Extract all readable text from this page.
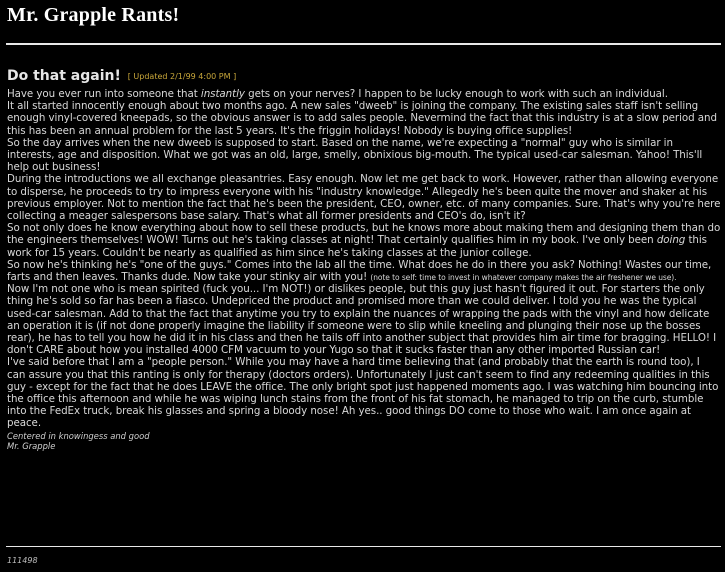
Mr. Grapple Rants!
Do that again! [ Updated 2/1/99 4:00 PM ]

Have you ever run into someone that instantly gets on your nerves? I happen to be lucky enough to work with such an individual.

It all started innocently enough about two months ago. A new sales "dweeb" is joining the company. The existing sales staff isn't selling enough vinyl-covered kneepads, so the obvious answer is to add sales people. Nevermind the fact that this industry is at a slow period and this has been an annual problem for the last 5 years. It's the friggin holidays! Nobody is buying office supplies!

So the day arrives when the new dweeb is supposed to start. Based on the name, we're expecting a "normal" guy who is similar in interests, age and disposition. What we got was an old, large, smelly, obnixious big-mouth. The typical used-car salesman. Yahoo! This'll help out business!

During the introductions we all exchange pleasantries. Easy enough. Now let me get back to work. However, rather than allowing everyone to disperse, he proceeds to try to impress everyone with his "industry knowledge." Allegedly he's been quite the mover and shaker at his previous employer. Not to mention the fact that he's been the president, CEO, owner, etc. of many companies. Sure. That's why you're here collecting a meager salespersons base salary. That's what all former presidents and CEO's do, isn't it?

So not only does he know everything about how to sell these products, but he knows more about making them and designing them than do the engineers themselves! WOW! Turns out he's taking classes at night! That certainly qualifies him in my book. I've only been doing this work for 15 years. Couldn't be nearly as qualified as him since he's taking classes at the junior college.

So now he's thinking he's "one of the guys." Comes into the lab all the time. What does he do in there you ask? Nothing! Wastes our time, farts and then leaves. Thanks dude. Now take your stinky air with you! (note to self: time to invest in whatever company makes the air freshener we use).

Now I'm not one who is mean spirited (fuck you... I'm NOT!) or dislikes people, but this guy just hasn't figured it out. For starters the only thing he's sold so far has been a fiasco. Undepriced the product and promised more than we could deliver. I told you he was the typical used-car salesman. Add to that the fact that anytime you try to explain the nuances of wrapping the pads with the vinyl and how delicate an operation it is (if not done properly imagine the liability if someone were to slip while kneeling and plunging their nose up the bosses rear), he has to tell you how he did it in his class and then he tails off into another subject that provides him air time for bragging. HELLO! I don't CARE about how you installed 4000 CFM vacuum to your Yugo so that it sucks faster than any other imported Russian car!

I've said before that I am a "people person." While you may have a hard time believing that (and probably that the earth is round too), I can assure you that this ranting is only for therapy (doctors orders). Unfortunately I just can't seem to find any redeeming qualities in this guy - except for the fact that he does LEAVE the office. The only bright spot just happened moments ago. I was watching him bouncing into the office this afternoon and while he was wiping lunch stains from the front of his fat stomach, he managed to trip on the curb, stumble into the FedEx truck, break his glasses and spring a bloody nose! Ah yes.. good things DO come to those who wait. I am once again at peace.

Centered in knowingess and good
Mr. Grapple
111498
